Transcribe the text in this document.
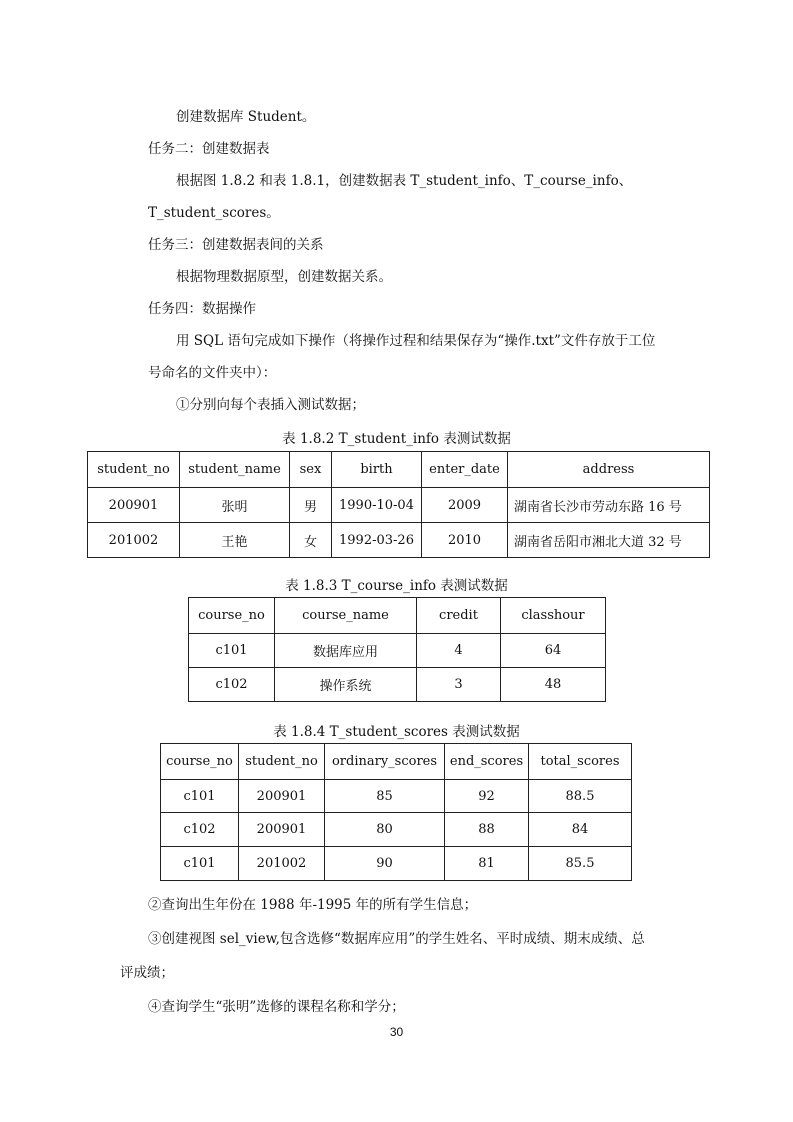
创建数据库 Student。

任务二：创建数据表

根据图 1.8.2 和表 1.8.1，创建数据表 T_student_info、T_course_info、

T_student_scores。

任务三：创建数据表间的关系

根据物理数据原型，创建数据关系。

任务四：数据操作

用 SQL 语句完成如下操作（将操作过程和结果保存为“操作.txt”文件存放于工位

号命名的文件夹中）：

①分别向每个表插入测试数据；

表 1.8.2 T_student_info 表测试数据

student_no	student_name	sex	birth	enter_date	address
200901	张明	男	1990-10-04	2009	湖南省长沙市劳动东路 16 号
201002	王艳	女	1992-03-26	2010	湖南省岳阳市湘北大道 32 号

表 1.8.3 T_course_info 表测试数据

course_no	course_name	credit	classhour
c101	数据库应用	4	64
c102	操作系统	3	48

表 1.8.4 T_student_scores 表测试数据

course_no	student_no	ordinary_scores	end_scores	total_scores
c101	200901	85	92	88.5
c102	200901	80	88	84
c101	201002	90	81	85.5

②查询出生年份在 1988 年-1995 年的所有学生信息；

③创建视图 sel_view,包含选修“数据库应用”的学生姓名、平时成绩、期末成绩、总

评成绩；

④查询学生“张明”选修的课程名称和学分；

30
